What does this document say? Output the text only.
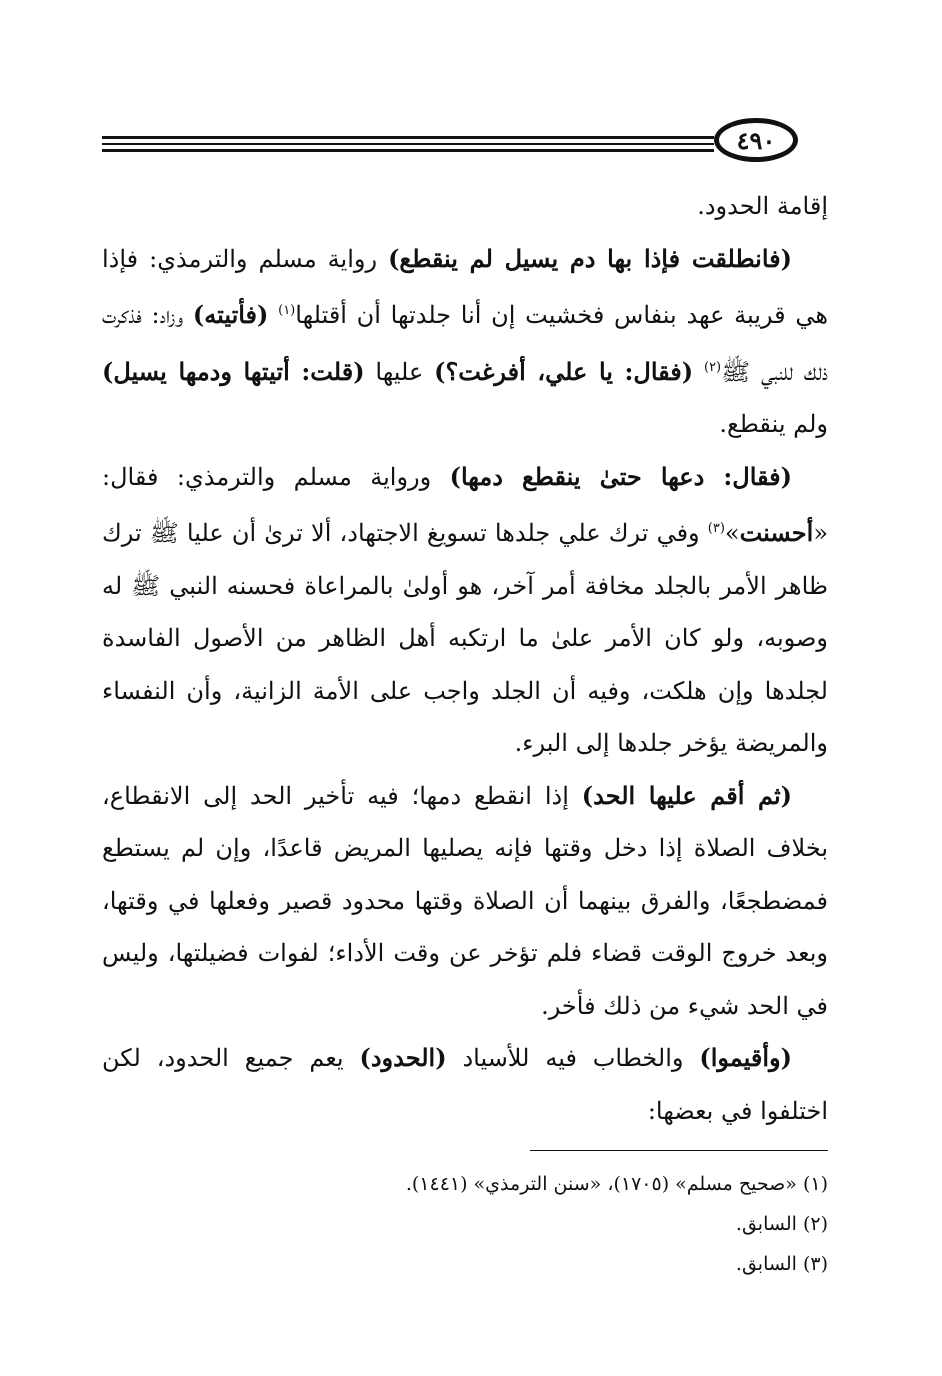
٤٩٠

إقامة الحدود.

(فانطلقت فإذا بها دم يسيل لم ينقطع) رواية مسلم والترمذي: فإذا هي قريبة عهد بنفاس فخشيت إن أنا جلدتها أن أقتلها$^{(١)}$ (فأتيته) وزاد: فذكرت ذلك للنبي ﷺ$^{(٢)}$ (فقال: يا علي، أفرغت؟) عليها (قلت: أتيتها ودمها يسيل) ولم ينقطع.

(فقال: دعها حتىٰ ينقطع دمها) ورواية مسلم والترمذي: فقال: «أحسنت»$^{(٣)}$ وفي ترك علي جلدها تسويغ الاجتهاد، ألا ترىٰ أن عليا ﷺ ترك ظاهر الأمر بالجلد مخافة أمر آخر، هو أولىٰ بالمراعاة فحسنه النبي ﷺ له وصوبه، ولو كان الأمر علىٰ ما ارتكبه أهل الظاهر من الأصول الفاسدة لجلدها وإن هلكت، وفيه أن الجلد واجب على الأمة الزانية، وأن النفساء والمريضة يؤخر جلدها إلى البرء.

(ثم أقم عليها الحد) إذا انقطع دمها؛ فيه تأخير الحد إلى الانقطاع، بخلاف الصلاة إذا دخل وقتها فإنه يصليها المريض قاعدًا، وإن لم يستطع فمضطجعًا، والفرق بينهما أن الصلاة وقتها محدود قصير وفعلها في وقتها، وبعد خروج الوقت قضاء فلم تؤخر عن وقت الأداء؛ لفوات فضيلتها، وليس في الحد شيء من ذلك فأخر.

(وأقيموا) والخطاب فيه للأسياد (الحدود) يعم جميع الحدود، لكن اختلفوا في بعضها:

(١) «صحيح مسلم» (١٧٠٥)، «سنن الترمذي» (١٤٤١).

(٢) السابق.

(٣) السابق.
